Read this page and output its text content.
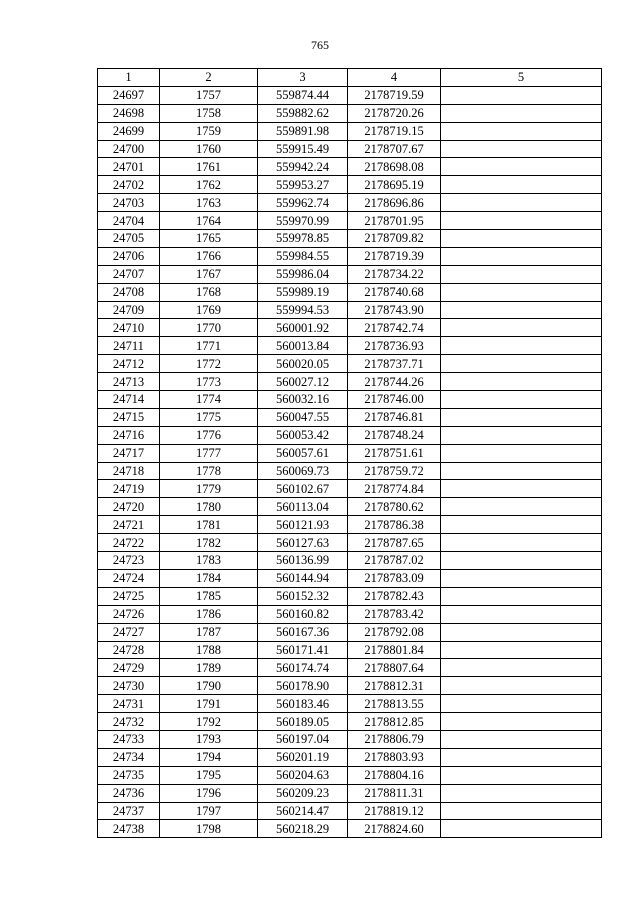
765
1	2	3	4	5
24697	1757	559874.44	2178719.59	
24698	1758	559882.62	2178720.26	
24699	1759	559891.98	2178719.15	
24700	1760	559915.49	2178707.67	
24701	1761	559942.24	2178698.08	
24702	1762	559953.27	2178695.19	
24703	1763	559962.74	2178696.86	
24704	1764	559970.99	2178701.95	
24705	1765	559978.85	2178709.82	
24706	1766	559984.55	2178719.39	
24707	1767	559986.04	2178734.22	
24708	1768	559989.19	2178740.68	
24709	1769	559994.53	2178743.90	
24710	1770	560001.92	2178742.74	
24711	1771	560013.84	2178736.93	
24712	1772	560020.05	2178737.71	
24713	1773	560027.12	2178744.26	
24714	1774	560032.16	2178746.00	
24715	1775	560047.55	2178746.81	
24716	1776	560053.42	2178748.24	
24717	1777	560057.61	2178751.61	
24718	1778	560069.73	2178759.72	
24719	1779	560102.67	2178774.84	
24720	1780	560113.04	2178780.62	
24721	1781	560121.93	2178786.38	
24722	1782	560127.63	2178787.65	
24723	1783	560136.99	2178787.02	
24724	1784	560144.94	2178783.09	
24725	1785	560152.32	2178782.43	
24726	1786	560160.82	2178783.42	
24727	1787	560167.36	2178792.08	
24728	1788	560171.41	2178801.84	
24729	1789	560174.74	2178807.64	
24730	1790	560178.90	2178812.31	
24731	1791	560183.46	2178813.55	
24732	1792	560189.05	2178812.85	
24733	1793	560197.04	2178806.79	
24734	1794	560201.19	2178803.93	
24735	1795	560204.63	2178804.16	
24736	1796	560209.23	2178811.31	
24737	1797	560214.47	2178819.12	
24738	1798	560218.29	2178824.60	
